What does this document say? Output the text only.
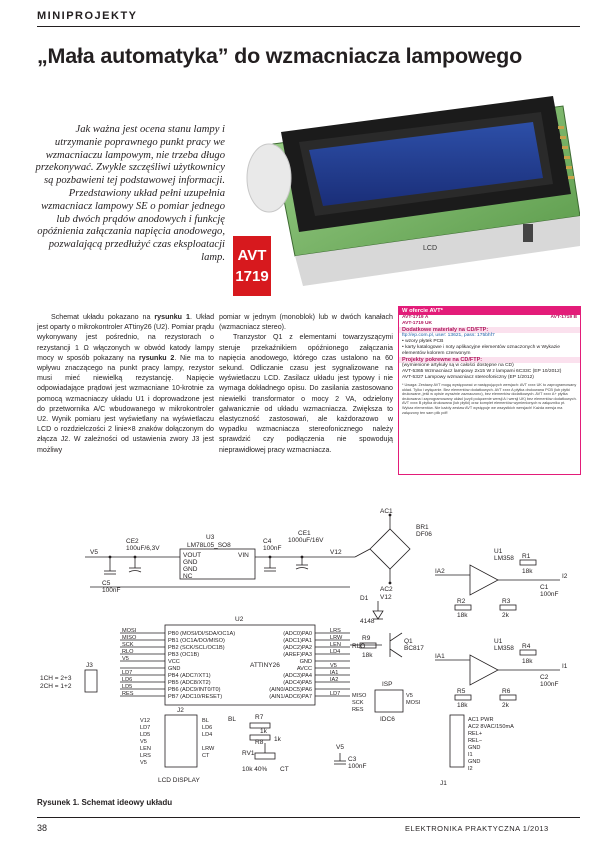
MINIPROJEKTY
„Mała automatyka” do wzmacniacza lampowego
Jak ważna jest ocena stanu lampy i utrzymanie poprawnego punkt pracy we wzmacniaczu lampowym, nie trzeba długo przekonywać. Zwykle szczęśliwi użytkownicy są pozbawieni tej podstawowej informacji. Przedstawiony układ pełni uzupełnia wzmacniacz lampowy SE o pomiar jednego lub dwóch prądów anodowych i funkcję opóźnienia załączania napięcia anodowego, pozwalającą przedłużyć czas eksploatacji lamp.
LCD
AVT
1719

Schemat układu pokazano na rysunku 1. Układ jest oparty o mikrokontroler ATtiny26 (U2). Pomiar prądu wykonywany jest pośrednio, na rezystorach o rezystancji 1 Ω włączonych w obwód katody lampy mocy w sposób pokazany na rysunku 2. Nie ma to wpływu znaczącego na punkt pracy lampy, rezystor musi mieć niewielką rezystancję. Napięcie odpowiadające prądowi jest wzmacniane 10-krotnie za pomocą wzmacniaczy układu U1 i doprowadzone jest do przetwornika A/C wbudowanego w mikrokontroler U2. Wynik pomiaru jest wyświetlany na wyświetlaczu LCD o rozdzielczości 2 linie×8 znaków dołączonym do złącza J2. W zależności od ustawienia zwory J3 jest możliwy

pomiar w jednym (monoblok) lub w dwóch kanałach (wzmacniacz stereo).

Tranzystor Q1 z elementami towarzyszącymi steruje przekaźnikiem opóźnionego załączania napięcia anodowego, którego czas ustalono na 60 sekund. Odliczanie czasu jest sygnalizowane na wyświetlaczu LCD. Zasilacz układu jest typowy i nie wymaga dokładnego opisu. Do zasilania zastosowano niewielki transformator o mocy 2 VA, odzielony galwanicznie od układu wzmacniacza. Zwiększa to elastyczność zastosowań, ale każdorazowo w wypadku wzmacniacza stereofonicznego należy sprawdzić czy podłączenia nie spowodują nieprawidłowej pracy wzmacniacza.

W ofercie AVT*
AVT-1719 A	AVT-1719 B
AVT-1719 UK
Dodatkowe materiały na CD/FTP:
ftp://ep.com.pl, user: 13621, pass: 175bhf7
• wzory płytek PCB
• karty katalogowe i noty aplikacyjne elementów oznaczonych w Wykazie elementów kolorem czerwonym
Projekty pokrewne na CD/FTP:
(wymienione artykuły są w całości dostępne na CD)
AVT-5365 Wzmacniacz lampowy 2x15 W z lampami 6C33C (EP 10/2012)
AVT-5327 Lampowy wzmacniacz stereofoniczny (EP 1/2012)
* Uwaga: Zestawy AVT mogą występować w następujących wersjach: AVT xxxx UK to zaprogramowany układ. Tylko i wyłącznie. Bez elementów dodatkowych. AVT xxxx A płytka drukowana PCB (lub płytki drukowane, jeśli w opisie wyraźnie zaznaczono), bez elementów dodatkowych. AVT xxxx A+ płytka drukowana i zaprogramowany układ (czyli połączenie wersji A i wersji UK) bez elementów dodatkowych. AVT xxxx B płytka drukowana (lub płytki) oraz komplet elementów wymienionych w załączniku pt. Wykaz elementów. Nie każdy zestaw AVT występuje we wszystkich wersjach! Każda wersja ma załączony ten sam plik pdf!
V5
C5
100nF
CE2
100uF/6,3V
U3
LM78L05_SO8
VOUT
GND
GND
NC
VIN
C4
100nF
CE1
1000uF/16V
V12
AC1
AC2
BR1
DF06
U2
ATTINY26
PB0 (MOSI/DI/SDA/OC1A)
PB1 (OC1A/DO/MISO)
PB2 (SCK/SCL/OC1B)
PB3 (OC1B)
VCC
GND
PB4 (ADC7/XT1)
PB5 (ADC8/XT2)
PB6 (ADC9/INT0/T0)
PB7 (ADC10/RESET)
(ADC0)PA0
(ADC1)PA1
(ADC2)PA2
(AREF)PA3
GND
AVCC
(ADC3)PA4
(ADC4)PA5
(AIN0/ADC5)PA6
(AIN1/ADC6)PA7
MOSI
MISO
SCK
RLO
V5
LD7
LD6
LD5
RES
LRS
LRW
LEN
LD4
V5
IA1
IA2
LD7
U1
LM358
U1
LM358
IA2
IA1
I2
I1
R1
18k
R4
18k
R3
2k
R6
2k
R2
18k
R5
18k
C1
100nF
C2
100nF
D1
4148
V12
R9
18k
RLO
Q1
BC817
J3
1CH = 2+3
2CH = 1+2
J2
V12
LD7
LD5
V5
LEN
LRS
V5
BL
LD6
LD4
LRW
CT
LCD DISPLAY
BL	R7
1k
R8 1k
RV1
10k 40% CT
V5
C3
100nF
ISP
IDC6
MISO
SCK
RES
V5
MOSI
J1
AC1 PWR
AC2 8VAC/150mA
REL+
REL−
GND
I1
GND
I2
Rysunek 1. Schemat ideowy układu
38	ELEKTRONIKA PRAKTYCZNA 1/2013
